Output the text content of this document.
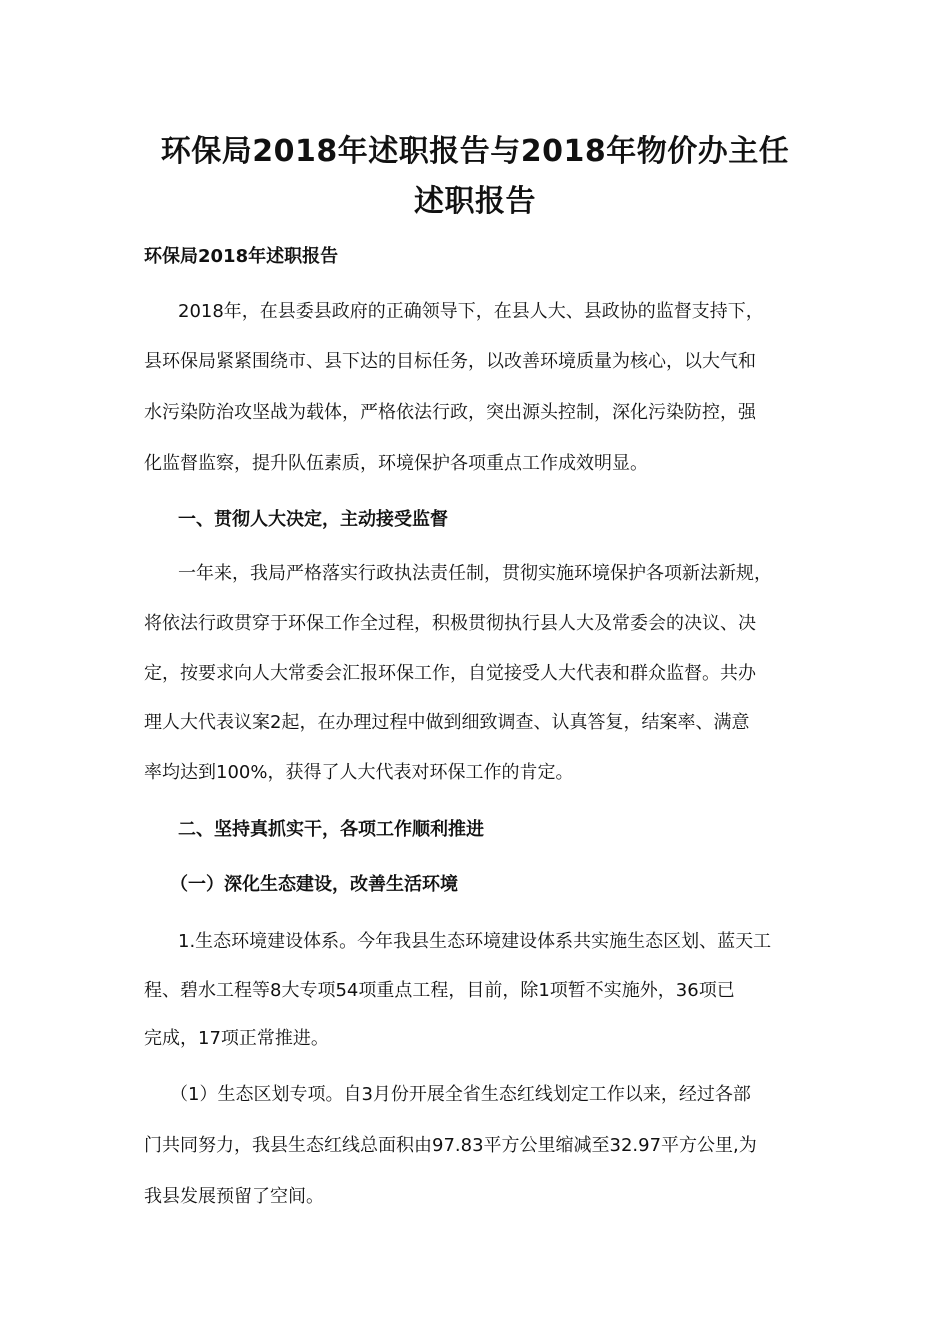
环保局2018年述职报告与2018年物价办主任
述职报告
环保局2018年述职报告
2018年，在县委县政府的正确领导下，在县人大、县政协的监督支持下，
县环保局紧紧围绕市、县下达的目标任务，以改善环境质量为核心，以大气和
水污染防治攻坚战为载体，严格依法行政，突出源头控制，深化污染防控，强
化监督监察，提升队伍素质，环境保护各项重点工作成效明显。
一、贯彻人大决定，主动接受监督
一年来，我局严格落实行政执法责任制，贯彻实施环境保护各项新法新规，
将依法行政贯穿于环保工作全过程，积极贯彻执行县人大及常委会的决议、决
定，按要求向人大常委会汇报环保工作，自觉接受人大代表和群众监督。共办
理人大代表议案2起，在办理过程中做到细致调查、认真答复，结案率、满意
率均达到100%，获得了人大代表对环保工作的肯定。
二、坚持真抓实干，各项工作顺利推进
（一）深化生态建设，改善生活环境
1.生态环境建设体系。今年我县生态环境建设体系共实施生态区划、蓝天工
程、碧水工程等8大专项54项重点工程，目前，除1项暂不实施外，36项已
完成，17项正常推进。
（1）生态区划专项。自3月份开展全省生态红线划定工作以来，经过各部
门共同努力，我县生态红线总面积由97.83平方公里缩减至32.97平方公里,为
我县发展预留了空间。
